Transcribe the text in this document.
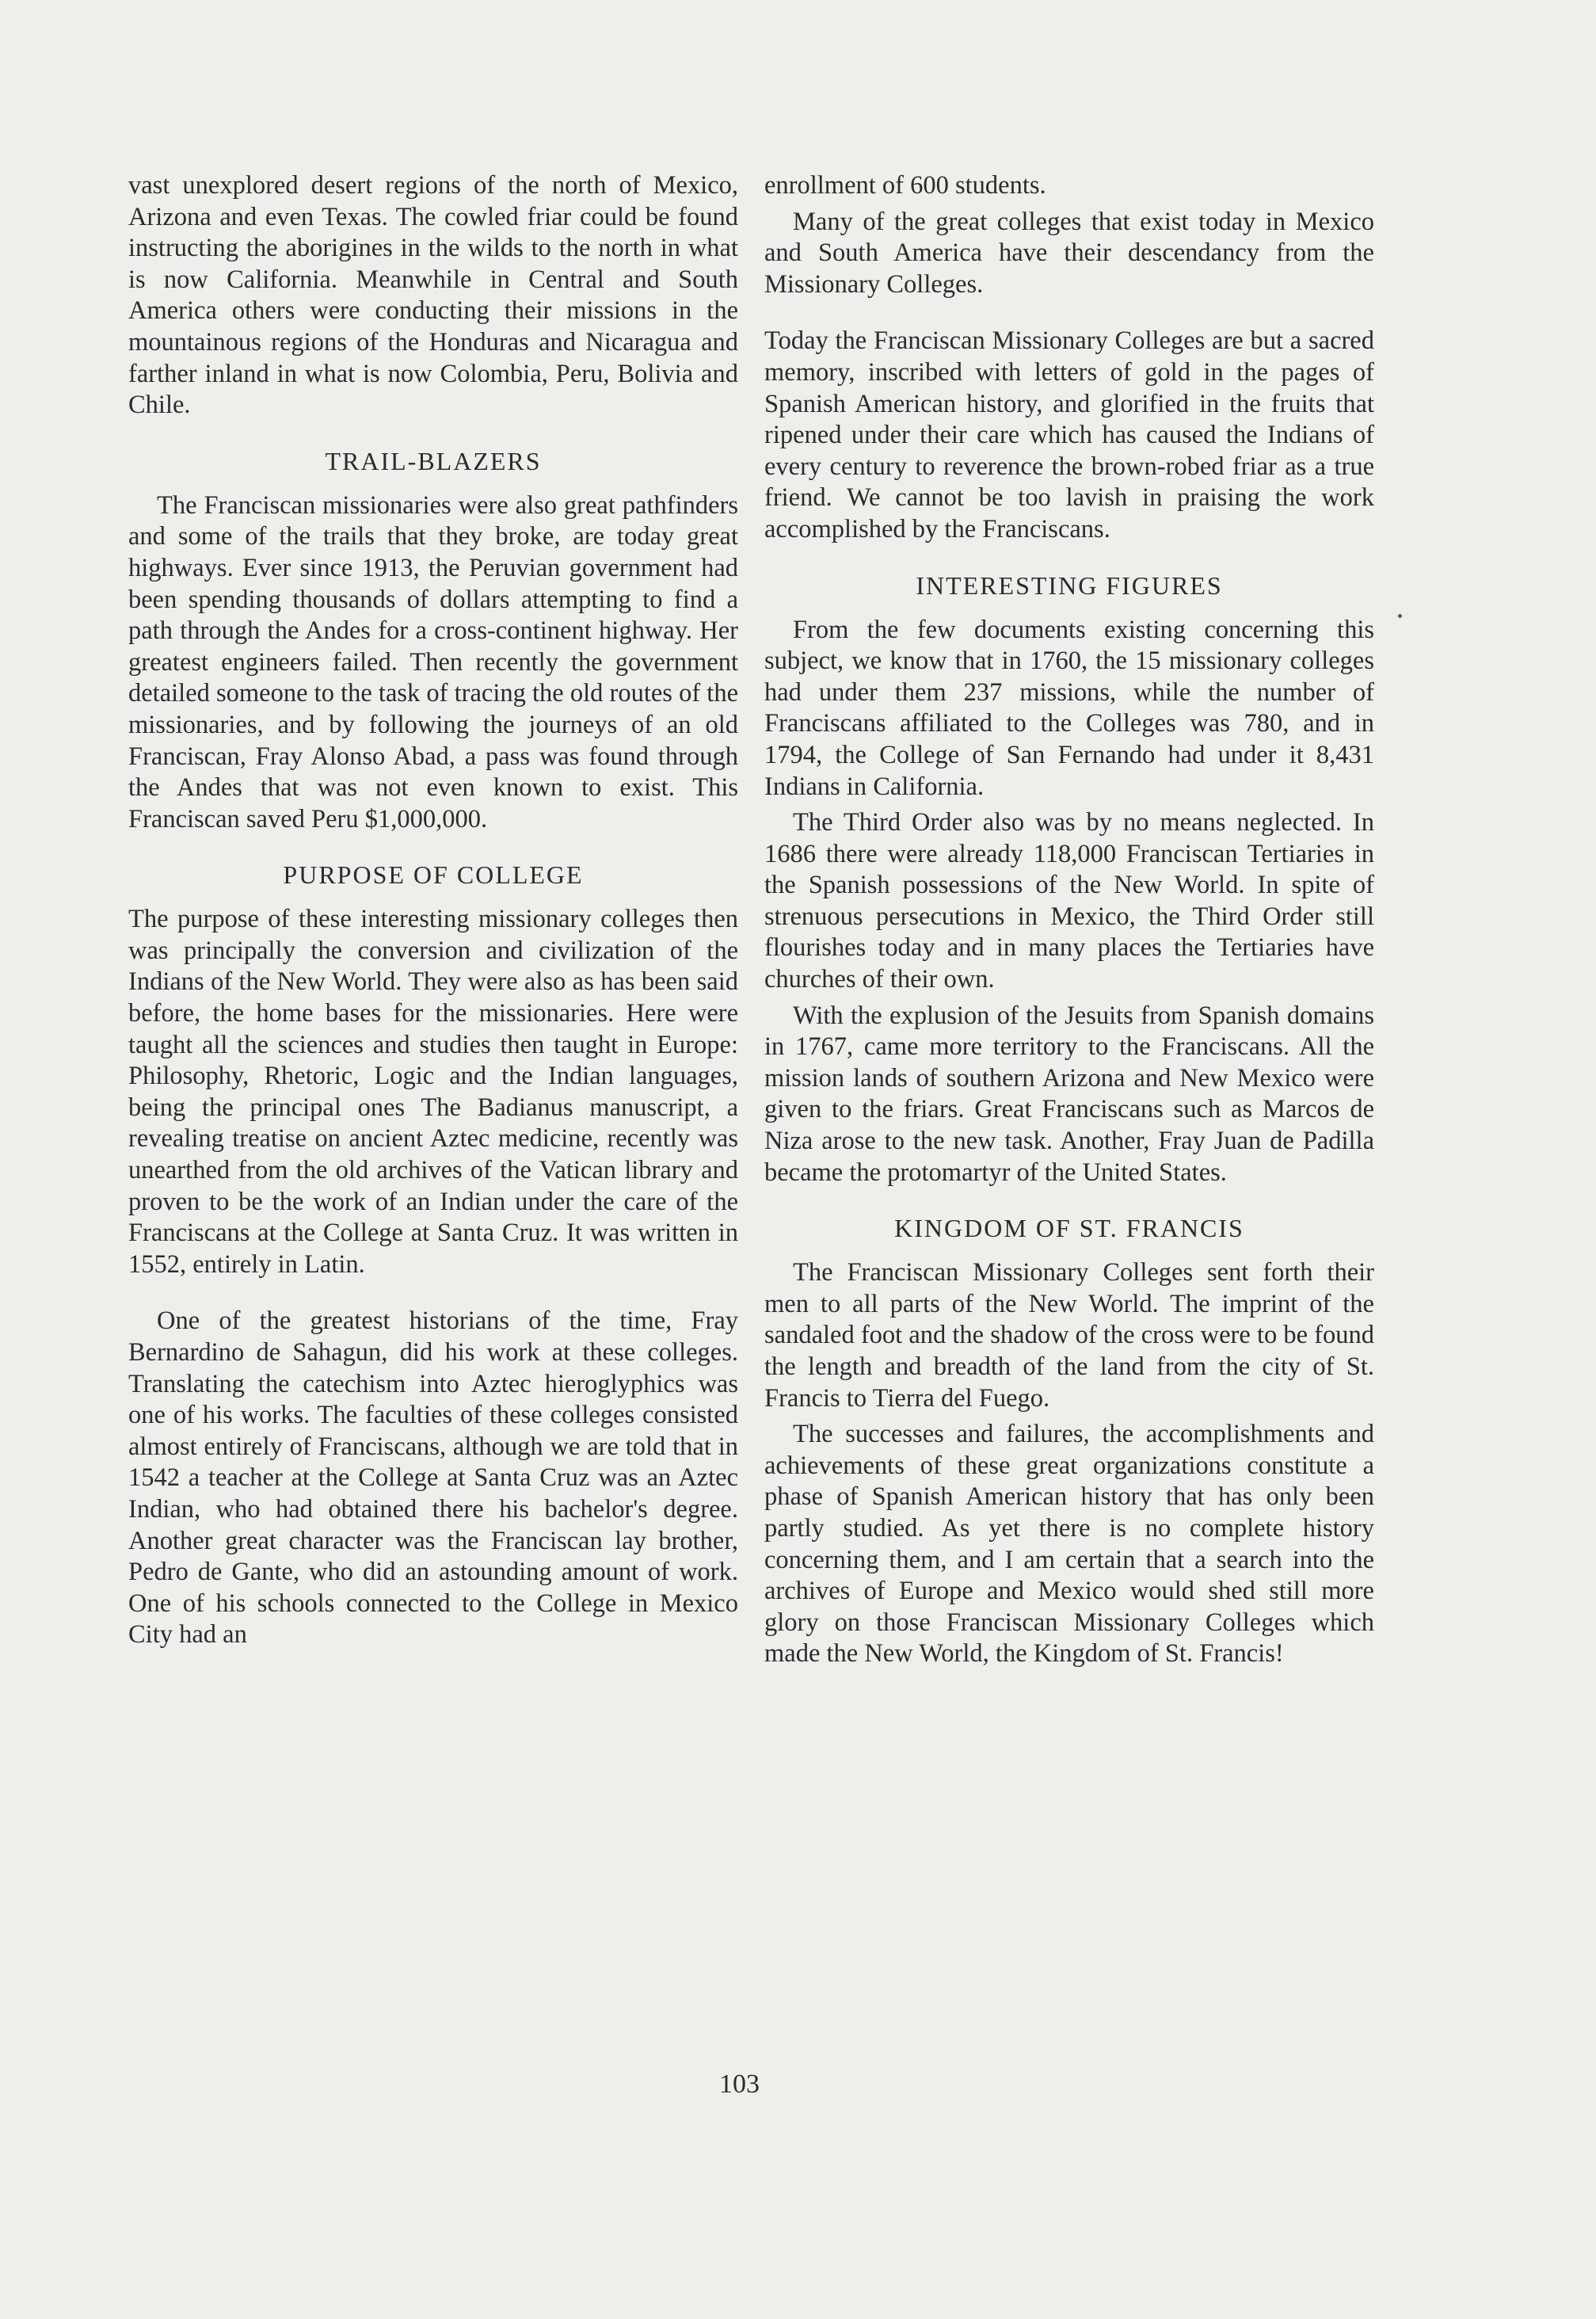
vast unexplored desert regions of the north of Mexico, Arizona and even Texas. The cowled friar could be found instructing the aborigines in the wilds to the north in what is now California. Meanwhile in Central and South America others were conducting their missions in the mountainous regions of the Honduras and Nicaragua and farther inland in what is now Colombia, Peru, Bolivia and Chile.

TRAIL-BLAZERS

The Franciscan missionaries were also great pathfinders and some of the trails that they broke, are today great highways. Ever since 1913, the Peruvian government had been spending thousands of dollars attempting to find a path through the Andes for a cross-continent highway. Her greatest engineers failed. Then recently the government detailed someone to the task of tracing the old routes of the missionaries, and by following the journeys of an old Franciscan, Fray Alonso Abad, a pass was found through the Andes that was not even known to exist. This Franciscan saved Peru $1,000,000.

PURPOSE OF COLLEGE

The purpose of these interesting missionary colleges then was principally the conversion and civilization of the Indians of the New World. They were also as has been said before, the home bases for the missionaries. Here were taught all the sciences and studies then taught in Europe: Philosophy, Rhetoric, Logic and the Indian languages, being the principal ones The Badianus manuscript, a revealing treatise on ancient Aztec medicine, recently was unearthed from the old archives of the Vatican library and proven to be the work of an Indian under the care of the Franciscans at the College at Santa Cruz. It was written in 1552, entirely in Latin.

One of the greatest historians of the time, Fray Bernardino de Sahagun, did his work at these colleges. Translating the catechism into Aztec hieroglyphics was one of his works. The faculties of these colleges consisted almost entirely of Franciscans, although we are told that in 1542 a teacher at the College at Santa Cruz was an Aztec Indian, who had obtained there his bachelor's degree. Another great character was the Franciscan lay brother, Pedro de Gante, who did an astounding amount of work. One of his schools connected to the College in Mexico City had an

enrollment of 600 students.

Many of the great colleges that exist today in Mexico and South America have their descendancy from the Missionary Colleges.

Today the Franciscan Missionary Colleges are but a sacred memory, inscribed with letters of gold in the pages of Spanish American history, and glorified in the fruits that ripened under their care which has caused the Indians of every century to reverence the brown-robed friar as a true friend. We cannot be too lavish in praising the work accomplished by the Franciscans.

INTERESTING FIGURES

From the few documents existing concerning this subject, we know that in 1760, the 15 missionary colleges had under them 237 missions, while the number of Franciscans affiliated to the Colleges was 780, and in 1794, the College of San Fernando had under it 8,431 Indians in California.

The Third Order also was by no means neglected. In 1686 there were already 118,000 Franciscan Tertiaries in the Spanish possessions of the New World. In spite of strenuous persecutions in Mexico, the Third Order still flourishes today and in many places the Tertiaries have churches of their own.

With the explusion of the Jesuits from Spanish domains in 1767, came more territory to the Franciscans. All the mission lands of southern Arizona and New Mexico were given to the friars. Great Franciscans such as Marcos de Niza arose to the new task. Another, Fray Juan de Padilla became the protomartyr of the United States.

KINGDOM OF ST. FRANCIS

The Franciscan Missionary Colleges sent forth their men to all parts of the New World. The imprint of the sandaled foot and the shadow of the cross were to be found the length and breadth of the land from the city of St. Francis to Tierra del Fuego.

The successes and failures, the accomplishments and achievements of these great organizations constitute a phase of Spanish American history that has only been partly studied. As yet there is no complete history concerning them, and I am certain that a search into the archives of Europe and Mexico would shed still more glory on those Franciscan Missionary Colleges which made the New World, the Kingdom of St. Francis!

103
